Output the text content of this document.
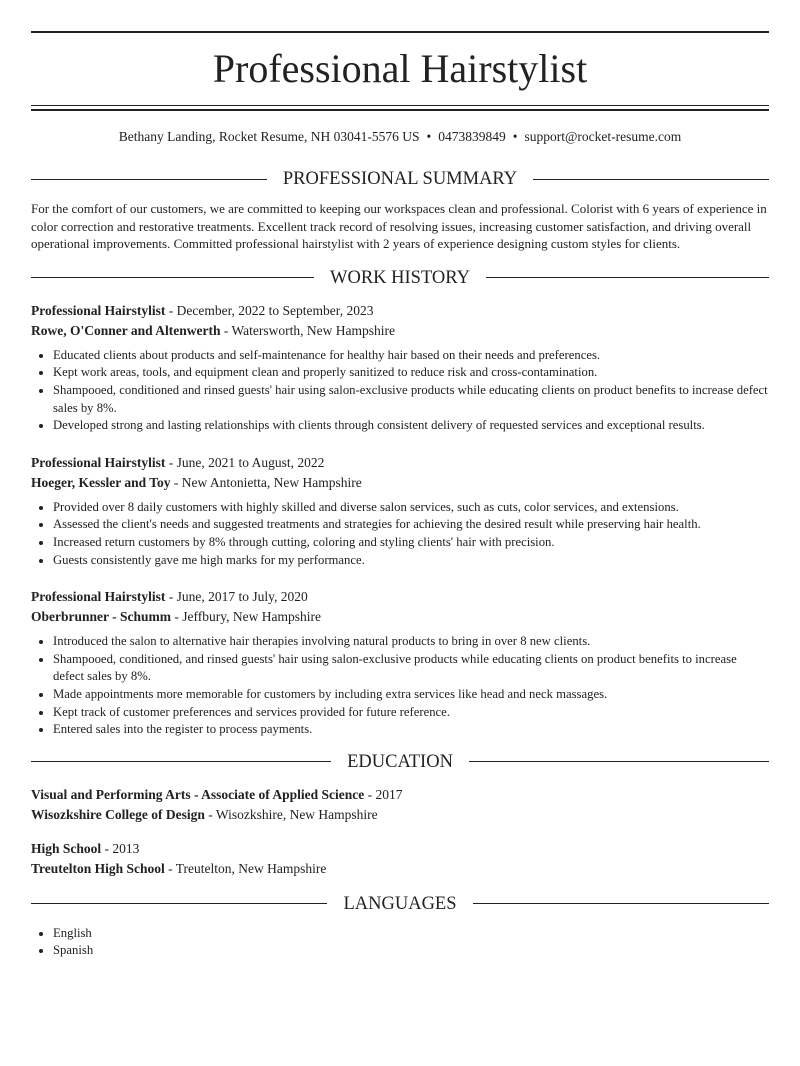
Professional Hairstylist
Bethany Landing, Rocket Resume, NH 03041-5576 US • 0473839849 • support@rocket-resume.com
PROFESSIONAL SUMMARY
For the comfort of our customers, we are committed to keeping our workspaces clean and professional. Colorist with 6 years of experience in color correction and restorative treatments. Excellent track record of resolving issues, increasing customer satisfaction, and driving overall operational improvements. Committed professional hairstylist with 2 years of experience designing custom styles for clients.
WORK HISTORY
Professional Hairstylist - December, 2022 to September, 2023
Rowe, O'Conner and Altenwerth - Watersworth, New Hampshire
• Educated clients about products and self-maintenance for healthy hair based on their needs and preferences.
• Kept work areas, tools, and equipment clean and properly sanitized to reduce risk and cross-contamination.
• Shampooed, conditioned and rinsed guests' hair using salon-exclusive products while educating clients on product benefits to increase defect sales by 8%.
• Developed strong and lasting relationships with clients through consistent delivery of requested services and exceptional results.
Professional Hairstylist - June, 2021 to August, 2022
Hoeger, Kessler and Toy - New Antonietta, New Hampshire
• Provided over 8 daily customers with highly skilled and diverse salon services, such as cuts, color services, and extensions.
• Assessed the client's needs and suggested treatments and strategies for achieving the desired result while preserving hair health.
• Increased return customers by 8% through cutting, coloring and styling clients' hair with precision.
• Guests consistently gave me high marks for my performance.
Professional Hairstylist - June, 2017 to July, 2020
Oberbrunner - Schumm - Jeffbury, New Hampshire
• Introduced the salon to alternative hair therapies involving natural products to bring in over 8 new clients.
• Shampooed, conditioned, and rinsed guests' hair using salon-exclusive products while educating clients on product benefits to increase defect sales by 8%.
• Made appointments more memorable for customers by including extra services like head and neck massages.
• Kept track of customer preferences and services provided for future reference.
• Entered sales into the register to process payments.
EDUCATION
Visual and Performing Arts - Associate of Applied Science - 2017
Wisozkshire College of Design - Wisozkshire, New Hampshire
High School - 2013
Treutelton High School - Treutelton, New Hampshire
LANGUAGES
• English
• Spanish
